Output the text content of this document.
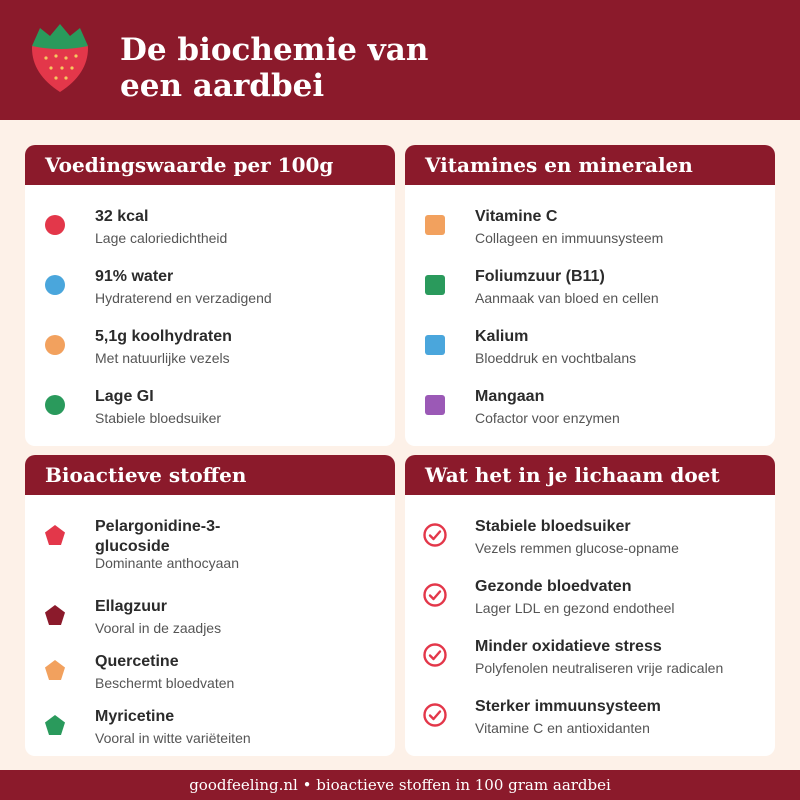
De biochemie van
een aardbei
Voedingswaarde per 100g
32 kcal
Lage caloriedichtheid
91% water
Hydraterend en verzadigend
5,1g koolhydraten
Met natuurlijke vezels
Lage GI
Stabiele bloedsuiker
Vitamines en mineralen
Vitamine C
Collageen en immuunsysteem
Foliumzuur (B11)
Aanmaak van bloed en cellen
Kalium
Bloeddruk en vochtbalans
Mangaan
Cofactor voor enzymen
Bioactieve stoffen
Pelargonidine-3-glucoside
Dominante anthocyaan
Ellagzuur
Vooral in de zaadjes
Quercetine
Beschermt bloedvaten
Myricetine
Vooral in witte variëteiten
Wat het in je lichaam doet
Stabiele bloedsuiker
Vezels remmen glucose-opname
Gezonde bloedvaten
Lager LDL en gezond endotheel
Minder oxidatieve stress
Polyfenolen neutraliseren vrije radicalen
Sterker immuunsysteem
Vitamine C en antioxidanten
goodfeeling.nl • bioactieve stoffen in 100 gram aardbei
